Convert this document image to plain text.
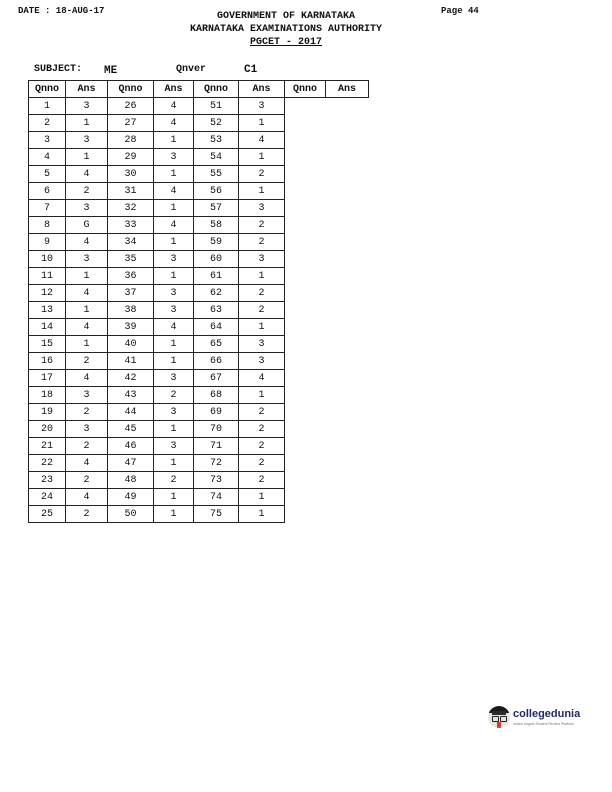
DATE : 18-AUG-17	Page 44
GOVERNMENT OF KARNATAKA
KARNATAKA EXAMINATIONS AUTHORITY
PGCET - 2017
SUBJECT: ME	Qnver	C1
Qnno	Ans	Qnno	Ans	Qnno	Ans	Qnno	Ans
1	3	26	4	51	3		
2	1	27	4	52	1		
3	3	28	1	53	4		
4	1	29	3	54	1		
5	4	30	1	55	2		
6	2	31	4	56	1		
7	3	32	1	57	3		
8	G	33	4	58	2		
9	4	34	1	59	2		
10	3	35	3	60	3		
11	1	36	1	61	1		
12	4	37	3	62	2		
13	1	38	3	63	2		
14	4	39	4	64	1		
15	1	40	1	65	3		
16	2	41	1	66	3		
17	4	42	3	67	4		
18	3	43	2	68	1		
19	2	44	3	69	2		
20	3	45	1	70	2		
21	2	46	3	71	2		
22	4	47	1	72	2		
23	2	48	2	73	2		
24	4	49	1	74	1		
25	2	50	1	75	1		
collegedunia
India's largest Student Review Platform
